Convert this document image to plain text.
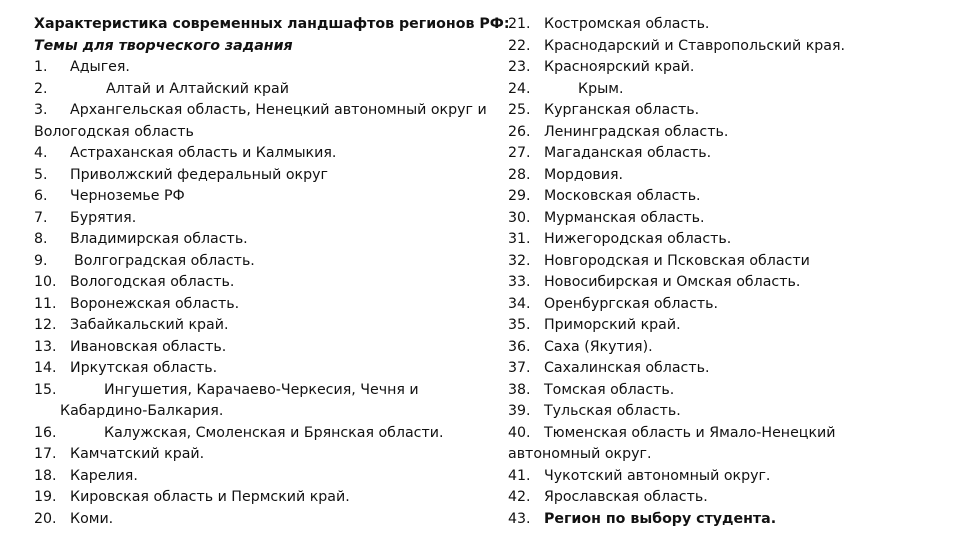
Характеристика современных ландшафтов регионов РФ:
Темы для творческого задания
1. Адыгея.
2.	Алтай и Алтайский край
3. Архангельская область, Ненецкий автономный округ и
Вологодская область
4. Астраханская область и Калмыкия.
5. Приволжский федеральный округ
6. Черноземье РФ
7. Бурятия.
8. Владимирская область.
9. Волгоградская область.
10. Вологодская область.
11. Воронежская область.
12. Забайкальский край.
13. Ивановская область.
14. Иркутская область.
15.	Ингушетия, Карачаево-Черкесия, Чечня и
Кабардино-Балкария.
16.	Калужская, Смоленская и Брянская области.
17. Камчатский край.
18. Карелия.
19. Кировская область и Пермский край.
20. Коми.
21. Костромская область.
22. Краснодарский и Ставропольский края.
23. Красноярский край.
24.	Крым.
25. Курганская область.
26. Ленинградская область.
27. Магаданская область.
28. Мордовия.
29. Московская область.
30. Мурманская область.
31. Нижегородская область.
32. Новгородская и Псковская области
33. Новосибирская и Омская область.
34. Оренбургская область.
35. Приморский край.
36. Саха (Якутия).
37. Сахалинская область.
38. Томская область.
39. Тульская область.
40. Тюменская область и Ямало-Ненецкий
автономный округ.
41. Чукотский автономный округ.
42. Ярославская область.
43. Регион по выбору студента.
